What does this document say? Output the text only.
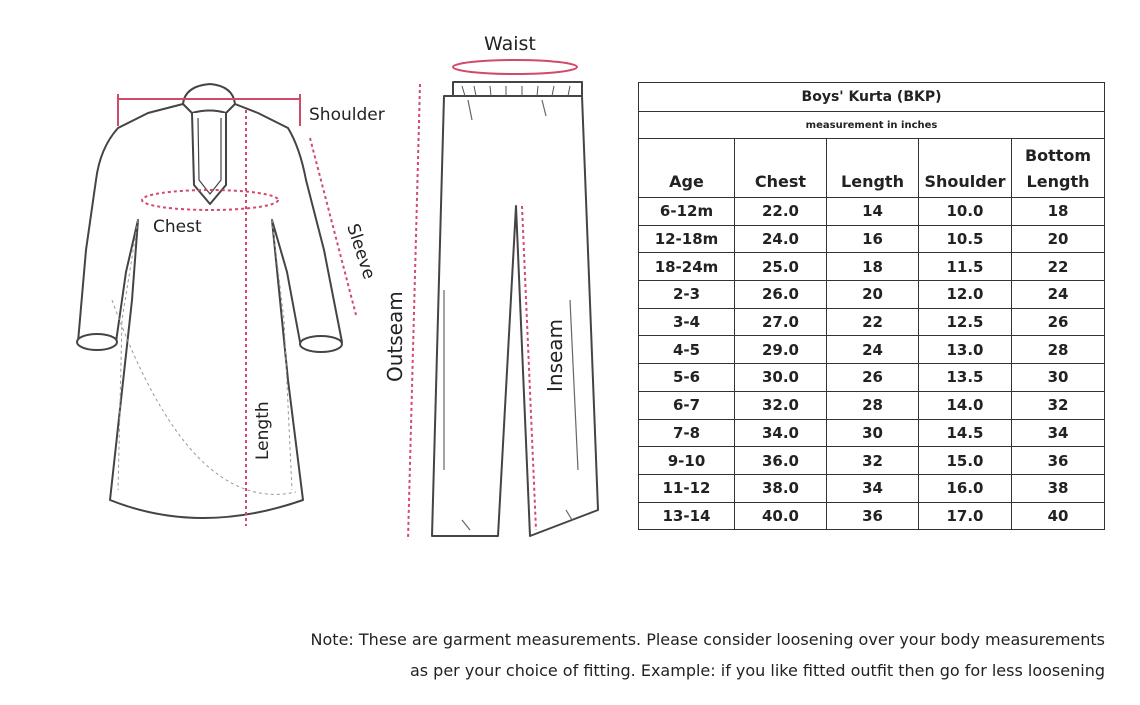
Shoulder
Chest	Sleeve
Length
Waist
Outseam	Inseam
Boys' Kurta (BKP)				
measurement in inches				
Age	Chest	Length	Shoulder	Bottom
Length
6-12m	22.0	14	10.0	18
12-18m	24.0	16	10.5	20
18-24m	25.0	18	11.5	22
2-3	26.0	20	12.0	24
3-4	27.0	22	12.5	26
4-5	29.0	24	13.0	28
5-6	30.0	26	13.5	30
6-7	32.0	28	14.0	32
7-8	34.0	30	14.5	34
9-10	36.0	32	15.0	36
11-12	38.0	34	16.0	38
13-14	40.0	36	17.0	40
Note: These are garment measurements. Please consider loosening over your body measurements
as per your choice of fitting. Example: if you like fitted outfit then go for less loosening
